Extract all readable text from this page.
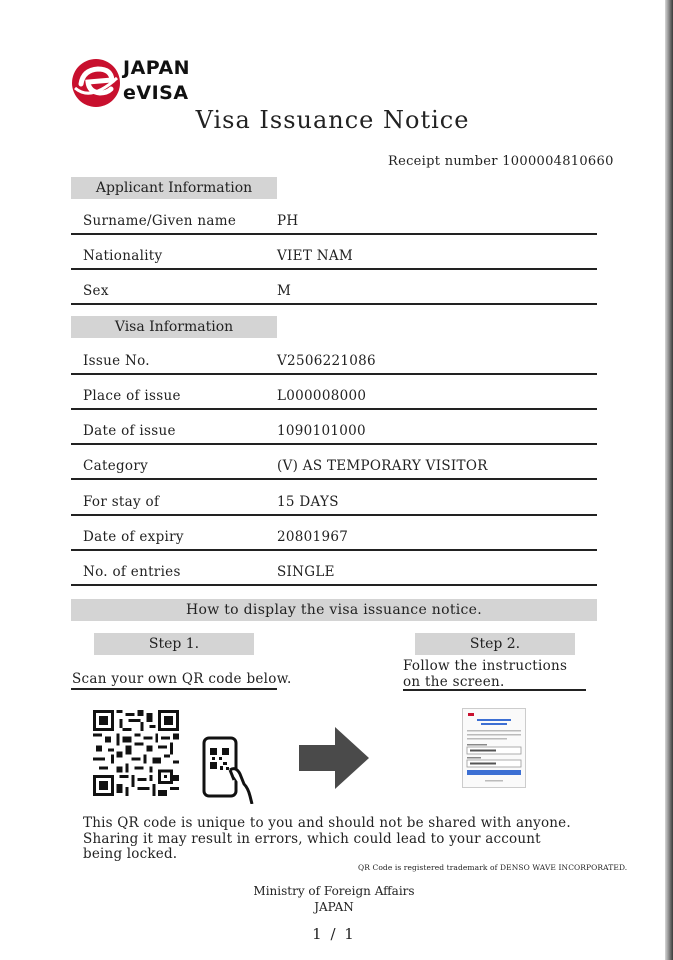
JAPAN
eVISA
Visa Issuance Notice
Receipt number 1000004810660
Applicant Information
Surname/Given name	PH
Nationality	VIET NAM
Sex	M
Visa Information
Issue No.	V2506221086
Place of issue	L000008000
Date of issue	1090101000
Category	(V) AS TEMPORARY VISITOR
For stay of	15 DAYS
Date of expiry	20801967
No. of entries	SINGLE
How to display the visa issuance notice.
Step 1.
Scan your own QR code below.
Step 2.
Follow the instructions
on the screen.
This QR code is unique to you and should not be shared with anyone.
Sharing it may result in errors, which could lead to your account
being locked.
QR Code is registered trademark of DENSO WAVE INCORPORATED.
Ministry of Foreign Affairs
JAPAN
1 / 1
